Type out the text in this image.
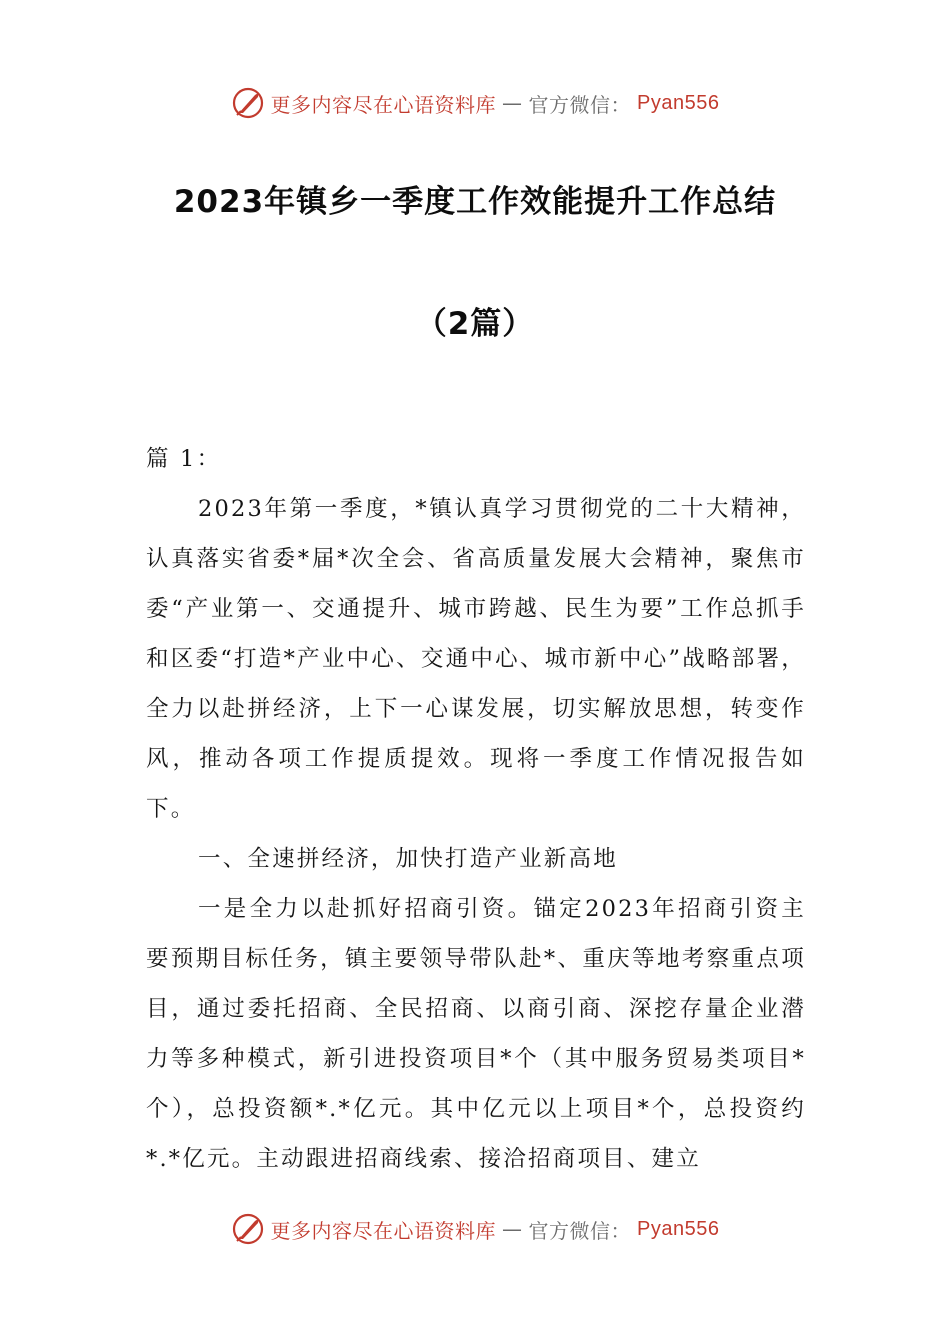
更多内容尽在心语资料库 — 官方微信： Pyan556
2023年镇乡一季度工作效能提升工作总结
（2篇）

篇 1：

2023年第一季度，*镇认真学习贯彻党的二十大精神，认真落实省委*届*次全会、省高质量发展大会精神，聚焦市委“产业第一、交通提升、城市跨越、民生为要”工作总抓手和区委“打造*产业中心、交通中心、城市新中心”战略部署，全力以赴拼经济，上下一心谋发展，切实解放思想，转变作风，推动各项工作提质提效。现将一季度工作情况报告如下。

一、全速拼经济，加快打造产业新高地

一是全力以赴抓好招商引资。锚定2023年招商引资主要预期目标任务，镇主要领导带队赴*、重庆等地考察重点项目，通过委托招商、全民招商、以商引商、深挖存量企业潜力等多种模式，新引进投资项目*个（其中服务贸易类项目*个），总投资额*.*亿元。其中亿元以上项目*个，总投资约*.*亿元。主动跟进招商线索、接洽招商项目、建立

更多内容尽在心语资料库 — 官方微信： Pyan556
